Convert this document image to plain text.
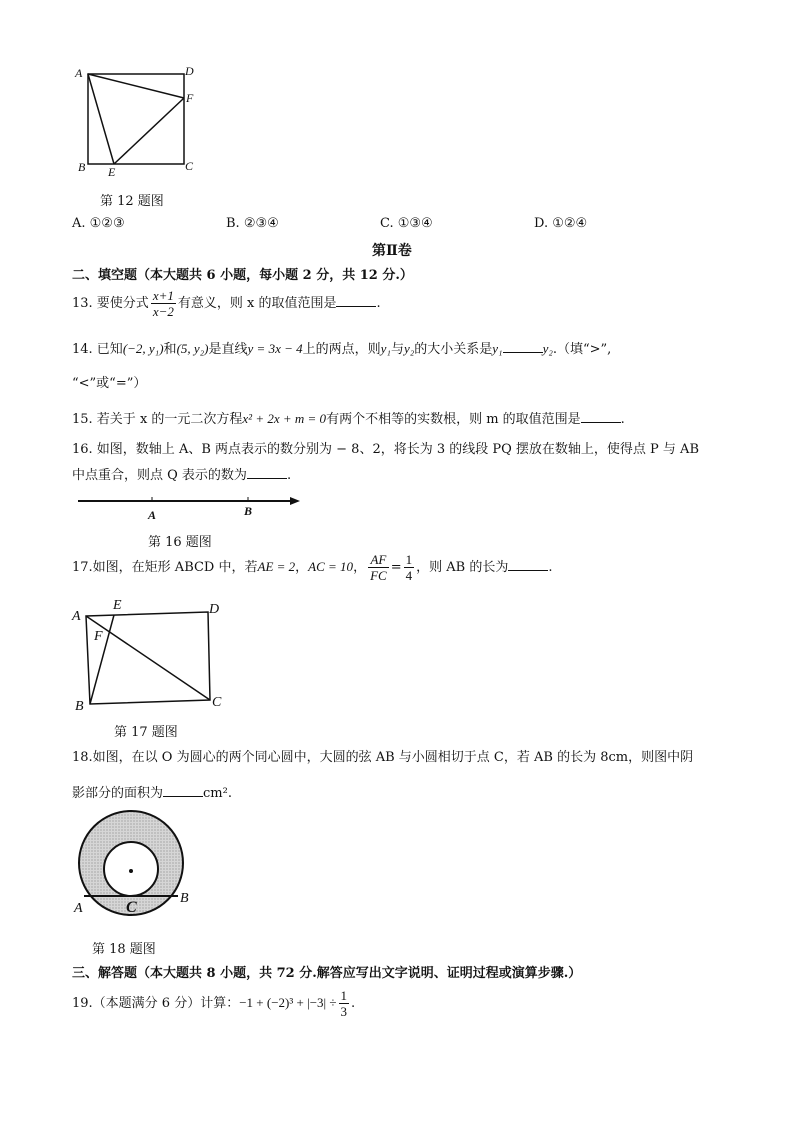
A	D
F
B E	C
第 12 题图
A. ①②③	B. ②③④	C. ①③④	D. ①②④
第Ⅱ卷
二、填空题（本大题共 6 小题，每小题 2 分，共 12 分.）
13. 要使分式 $\frac{x+1}{x-2}$ 有意义，则 x 的取值范围是	.
14. 已知(−2, y₁)和(5, y₂)是直线y = 3x − 4上的两点，则y₁与y₂的大小关系是y₁	y₂.（填“>”,
“<”或“=”）
15. 若关于 x 的一元二次方程x² + 2x + m = 0有两个不相等的实数根，则 m 的取值范围是	.
16. 如图，数轴上 A、B 两点表示的数分别为 − 8、2，将长为 3 的线段 PQ 摆放在数轴上，使得点 P 与 AB
中点重合，则点 Q 表示的数为	.
A	B
第 16 题图
17.如图，在矩形 ABCD 中，若AE = 2，AC = 10， $\frac{AF}{FC} = \frac{1}{4}$ ，则 AB 的长为	.
A
E	D
F
B	C
第 17 题图
18.如图，在以 O 为圆心的两个同心圆中，大圆的弦 AB 与小圆相切于点 C，若 AB 的长为 8cm，则图中阴
影部分的面积为	cm².
A	C
B
第 18 题图
三、解答题（本大题共 8 小题，共 72 分.解答应写出文字说明、证明过程或演算步骤.）
19.（本题满分 6 分）计算：$-1 + (-2)^3 + |-3| \div \frac{1}{3}$ .
